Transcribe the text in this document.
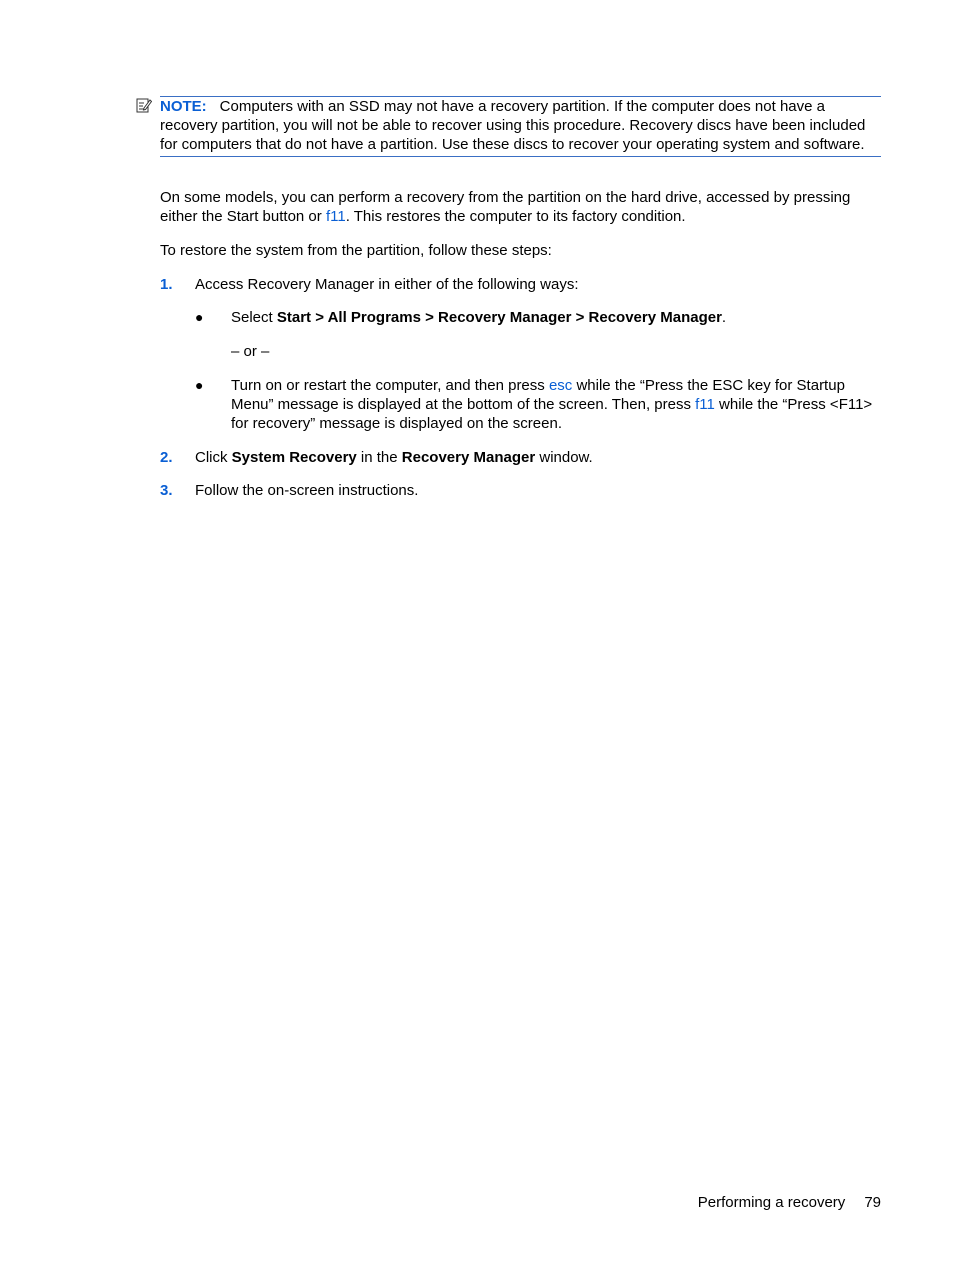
NOTE: Computers with an SSD may not have a recovery partition. If the computer does not have a recovery partition, you will not be able to recover using this procedure. Recovery discs have been included for computers that do not have a partition. Use these discs to recover your operating system and software.

On some models, you can perform a recovery from the partition on the hard drive, accessed by pressing either the Start button or f11. This restores the computer to its factory condition.

To restore the system from the partition, follow these steps:

1.	Access Recovery Manager in either of the following ways:

●	Select Start > All Programs > Recovery Manager > Recovery Manager.

– or –

●	Turn on or restart the computer, and then press esc while the “Press the ESC key for Startup Menu” message is displayed at the bottom of the screen. Then, press f11 while the “Press <F11> for recovery” message is displayed on the screen.

2.	Click System Recovery in the Recovery Manager window.

3.	Follow the on-screen instructions.

Performing a recovery 79
